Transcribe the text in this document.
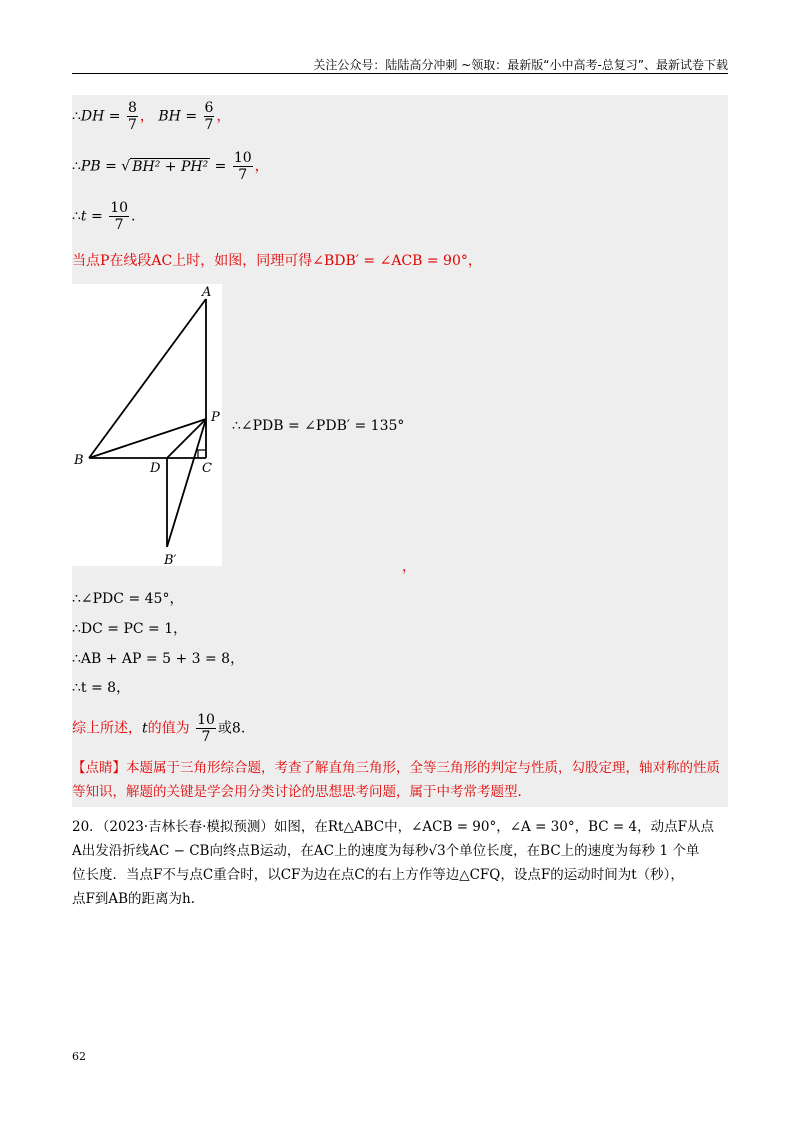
关注公众号：陆陆高分冲刺 ~领取：最新版“小中高考-总复习”、最新试卷下载
∴DH = $\frac{8}{7}$ ， BH = $\frac{6}{7}$ ，
∴PB = √ $BH^2 + PH^2 = \frac{10}{7}$ ，
∴t = $\frac{10}{7}$ .
当点P在线段AC上时，如图，同理可得∠BDB′ = ∠ACB = 90°，
A
P
B
D	C
B′
∴∠PDB = ∠PDB′ = 135°
，
∴∠PDC = 45°，
∴DC = PC = 1，
∴AB + AP = 5 + 3 = 8，
∴t = 8，
综上所述，t的值为 $\frac{10}{7}$ 或8.
【点睛】本题属于三角形综合题，考查了解直角三角形，全等三角形的判定与性质，勾股定理，轴对称的性质等知识，解题的关键是学会用分类讨论的思想思考问题，属于中考常考题型.
20．（2023·吉林长春·模拟预测）如图，在Rt△ABC中，∠ACB = 90°，∠A = 30°，BC = 4，动点F从点
A出发沿折线AC − CB向终点B运动，在AC上的速度为每秒√3个单位长度，在BC上的速度为每秒 1 个单
位长度．当点F不与点C重合时，以CF为边在点C的右上方作等边△CFQ，设点F的运动时间为t（秒），
点F到AB的距离为h.
62
